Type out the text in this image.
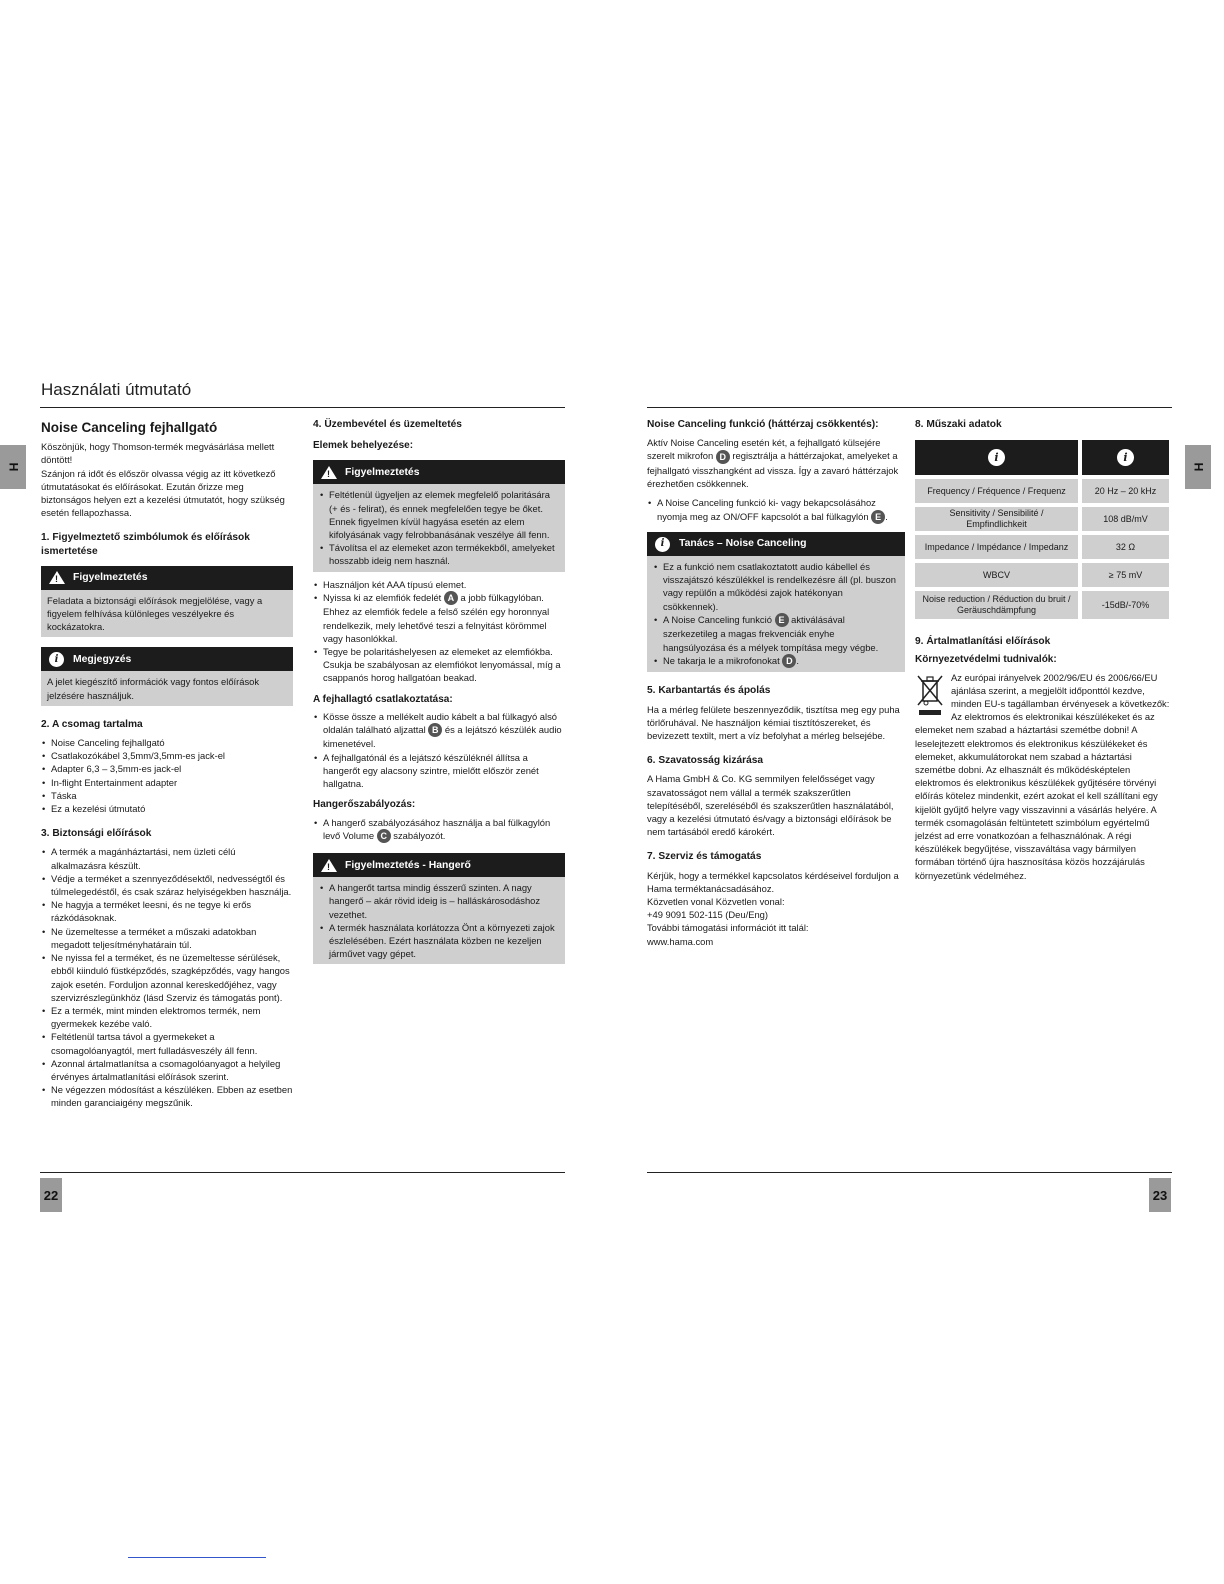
Használati útmutató
H	H
Noise Canceling fejhallgató

Köszönjük, hogy Thomson-termék megvásárlása mellett döntött!

Szánjon rá időt és először olvassa végig az itt következő útmutatásokat és előírásokat. Ezután őrizze meg biztonságos helyen ezt a kezelési útmutatót, hogy szükség esetén fellapozhassa.

1. Figyelmeztető szimbólumok és előírások ismertetése
! Figyelmeztetés

Feladata a biztonsági előírások megjelölése, vagy a figyelem felhívása különleges veszélyekre és kockázatokra.

i	Megjegyzés

A jelet kiegészítő információk vagy fontos előírások jelzésére használjuk.

2. A csomag tartalma
• Noise Canceling fejhallgató
• Csatlakozókábel 3,5mm/3,5mm-es jack-el
• Adapter 6,3 – 3,5mm-es jack-el
• In-flight Entertainment adapter
• Táska
• Ez a kezelési útmutató
3. Biztonsági előírások
• A termék a magánháztartási, nem üzleti célú alkalmazásra készült.
• Védje a terméket a szennyeződésektől, nedvességtől és túlmelegedéstől, és csak száraz helyiségekben használja.
• Ne hagyja a terméket leesni, és ne tegye ki erős rázkódásoknak.
• Ne üzemeltesse a terméket a műszaki adatokban megadott teljesítményhatárain túl.
• Ne nyissa fel a terméket, és ne üzemeltesse sérülések, ebből kiinduló füstképződés, szagképződés, vagy hangos zajok esetén. Forduljon azonnal kereskedőjéhez, vagy szervizrészlegünkhöz (lásd Szerviz és támogatás pont).
• Ez a termék, mint minden elektromos termék, nem gyermekek kezébe való.
• Feltétlenül tartsa távol a gyermekeket a csomagolóanyagtól, mert fulladásveszély áll fenn.
• Azonnal ártalmatlanítsa a csomagolóanyagot a helyileg érvényes ártalmatlanítási előírások szerint.
• Ne végezzen módosítást a készüléken. Ebben az esetben minden garanciaigény megszűnik.
4. Üzembevétel és üzemeltetés
Elemek behelyezése:
! Figyelmeztetés
• Feltétlenül ügyeljen az elemek megfelelő polaritására (+ és - felirat), és ennek megfelelően tegye be őket. Ennek figyelmen kívül hagyása esetén az elem kifolyásának vagy felrobbanásának veszélye áll fenn.
• Távolítsa el az elemeket azon termékekből, amelyeket hosszabb ideig nem használ.
• Használjon két AAA típusú elemet.
• Nyissa ki az elemfiók fedelét A a jobb fülkagylóban. Ehhez az elemfiók fedele a felső szélén egy horonnyal rendelkezik, mely lehetővé teszi a felnyitást körömmel vagy hasonlókkal.
• Tegye be polaritáshelyesen az elemeket az elemfiókba. Csukja be szabályosan az elemfiókot lenyomással, míg a csappanós horog hallgatóan beakad.
A fejhallagtó csatlakoztatása:
• Kösse össze a mellékelt audio kábelt a bal fülkagyó alsó oldalán található aljzattal B és a lejátszó készülék audio kimenetével.
• A fejhallgatónál és a lejátszó készüléknél állítsa a hangerőt egy alacsony szintre, mielőtt először zenét hallgatna.
Hangerőszabályozás:
• A hangerő szabályozásához használja a bal fülkagylón levő Volume C szabályozót.
! Figyelmeztetés - Hangerő
• A hangerőt tartsa mindig ésszerű szinten. A nagy hangerő – akár rövid ideig is – halláskárosodáshoz vezethet.
• A termék használata korlátozza Önt a környezeti zajok észlelésében. Ezért használata közben ne kezeljen járművet vagy gépet.
Noise Canceling funkció (háttérzaj csökkentés):

Aktív Noise Canceling esetén két, a fejhallgató külsejére szerelt mikrofon D regisztrálja a háttérzajokat, amelyeket a fejhallgató visszhangként ad vissza. Így a zavaró háttérzajok érezhetően csökkennek.

• A Noise Canceling funkció ki- vagy bekapcsolásához nyomja meg az ON/OFF kapcsolót a bal fülkagylón E .
i	Tanács – Noise Canceling
• Ez a funkció nem csatlakoztatott audio kábellel és visszajátszó készülékkel is rendelkezésre áll (pl. buszon vagy repülőn a működési zajok hatékonyan csökkennek).
• A Noise Canceling funkció E aktiválásával szerkezetileg a magas frekvenciák enyhe hangsúlyozása és a mélyek tompítása megy végbe.
• Ne takarja le a mikrofonokat D .
5. Karbantartás és ápolás

Ha a mérleg felülete beszennyeződik, tisztítsa meg egy puha törlőruhával. Ne használjon kémiai tisztítószereket, és bevizezett textilt, mert a víz befolyhat a mérleg belsejébe.

6. Szavatosság kizárása

A Hama GmbH & Co. KG semmilyen felelősséget vagy szavatosságot nem vállal a termék szakszerűtlen telepítéséből, szereléséből és szakszerűtlen használatából, vagy a kezelési útmutató és/vagy a biztonsági előírások be nem tartásából eredő károkért.

7. Szerviz és támogatás

Kérjük, hogy a termékkel kapcsolatos kérdéseivel forduljon a Hama terméktanácsadásához.

Közvetlen vonal Közvetlen vonal:

+49 9091 502-115 (Deu/Eng)

További támogatási információt itt talál:

www.hama.com

8. Műszaki adatok
i	i
Frequency / Fréquence / Frequenz	20 Hz – 20 kHz
Sensitivity / Sensibilité / Empfindlichkeit	108 dB/mV
Impedance / Impédance / Impedanz	32 Ω
WBCV	≥ 75 mV
Noise reduction / Réduction du bruit / Geräuschdämpfung	-15dB/-70%
9. Ártalmatlanítási előírások
Környezetvédelmi tudnivalók:

Az európai irányelvek 2002/96/EU és 2006/66/EU ajánlása szerint, a megjelölt időponttól kezdve, minden EU-s tagállamban érvényesek a következők: Az elektromos és elektronikai készülékeket és az elemeket nem szabad a háztartási szemétbe dobni! A leselejtezett elektromos és elektronikus készülékeket és elemeket, akkumulátorokat nem szabad a háztartási szemétbe dobni. Az elhasznált és működésképtelen elektromos és elektronikus készülékek gyűjtésére törvényi előírás kötelez mindenkit, ezért azokat el kell szállítani egy kijelölt gyűjtő helyre vagy visszavinni a vásárlás helyére. A termék csomagolásán feltüntetett szimbólum egyértelmű jelzést ad erre vonatkozóan a felhasználónak. A régi készülékek begyűjtése, visszaváltása vagy bármilyen formában történő újra hasznosítása közös hozzájárulás környezetünk védelméhez.

22	23
